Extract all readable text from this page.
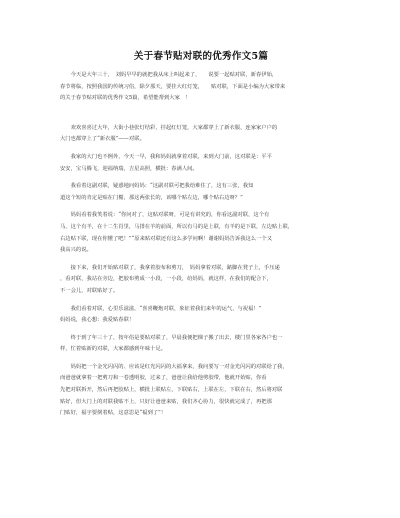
关于春节贴对联的优秀作文5篇

　　今天是大年三十，　刘妈早早的就把我从床上叫起来了，　　说要一起贴对联，新春伊始，
春节将临，按照我国的传统习俗，除夕那天，要挂大红灯笼，　　贴对联，下面是小编为大家带来
的关于春节贴对联的优秀作文5篇，希望能帮到大家　！

　　欢欢喜喜过大年，大街小巷张灯结彩，挂起红灯笼，大家都穿上了新衣服，连家家户户的
大门也都穿上了“新衣服”——对联。

　　我家的大门也不例外，今天一早，我和妈妈就拿着对联，来到大门前，这对联是：平平
安安，宝马腾飞，迎福纳瑞，吉星高照，横批：春满人间。

　　我看着这副对联，疑惑地问妈妈：“这副对联可把我给难住了，这有三张，我知
道这个短的肯定是贴在门楣，那这两张长的，该哪个贴左边，哪个贴右边呀？”

　　妈妈看着我笑着说：“你问对了，这贴对联呀，可是有讲究的，你看这副对联，这个有
马，这个有羊，在十二生肖里，马排在羊的前面，所以有马的是上联，有羊的是下联，左边贴上联，
右边贴下联，现在你懂了吧！”“原来贴对联还有这么多学问啊！谢谢妈妈告诉我这么一个又
我高兴的说。

　　接下来，我们开始贴对联了，我拿着胶布和剪刀，　妈妈拿着对联，踮脚在凳子上，手压递
，看对联，我站在旁边，把胶布剪成一小段，一小段，给妈妈，就这样，在我们的配合下，
不一会儿，对联贴好了。

　　我们看着对联，心里乐滋滋，“喜喜鞭炮对联，象征着我们来年的运气，与祝福！”
妈妈说，我心想：我爱贴春联！

　　终于到了年三十了，按年俗是要贴对联了，早晨我便把梯子搬了出去，楼门里各家各户也一
样，忙着贴新的对联，大家都感到年味十足。

　　妈妈把一个金光闪闪的、应该是红光闪闪的大福拿来，我问要写一对金光闪闪的对联给了我，
而爸爸就拿着一把剪刀和一卷透明胶，过来了，爸爸让我给他剪胶带，他就开始贴，你看
先把对联拆开，然后再把胶贴上，横批上联贴左，下联贴右，上联在左，下联在右，然后将对联
贴好，但大门上的对联我贴不上，只好让爸爸来贴，我们齐心协力，很快就完成了，再把那
门贴好，福字要倒着贴，这意思是“福到了”！
